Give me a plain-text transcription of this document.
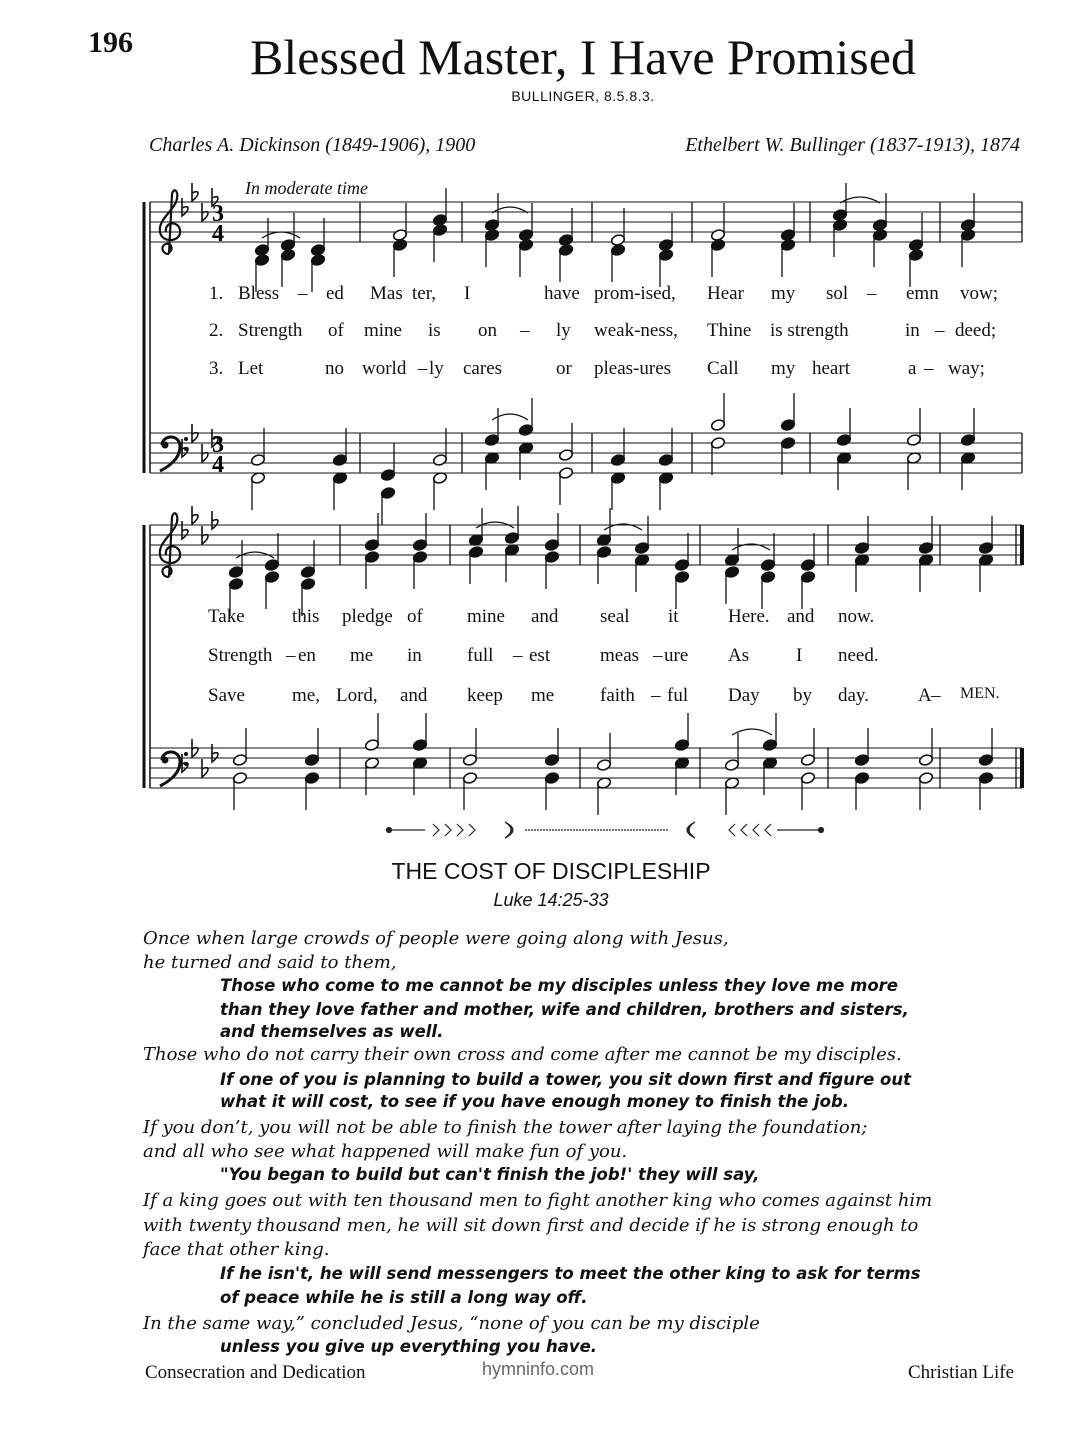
196	Blessed Master, I Have Promised
BULLINGER, 8.5.8.3.
Charles A. Dickinson (1849-1906), 1900	Ethelbert W. Bullinger (1837-1913), 1874
In moderate time
3
4
3
4
1. Bless – ed Mas ter, I	have prom-ised, Hear my sol – emn vow;
2. Strength of mine is on – ly weak-ness, Thine is strength	in – deed;
3. Let	no world – ly cares	or pleas-ures Call my heart	a – way;
Take this pledge of mine and seal it	Here. and now.
Strength – en me in full – est	meas – ure As I need.
Save me, Lord, and keep me faith – ful Day by day.	A – MEN.
THE COST OF DISCIPLESHIP
Luke 14:25-33
Once when large crowds of people were going along with Jesus,
he turned and said to them,
Those who come to me cannot be my disciples unless they love me more
than they love father and mother, wife and children, brothers and sisters,
and themselves as well.
Those who do not carry their own cross and come after me cannot be my disciples.
If one of you is planning to build a tower, you sit down first and figure out
what it will cost, to see if you have enough money to finish the job.
If you don’t, you will not be able to finish the tower after laying the foundation;
and all who see what happened will make fun of you.
"You began to build but can't finish the job!' they will say,
If a king goes out with ten thousand men to fight another king who comes against him
with twenty thousand men, he will sit down first and decide if he is strong enough to
face that other king.
If he isn't, he will send messengers to meet the other king to ask for terms
of peace while he is still a long way off.
In the same way,” concluded Jesus, “none of you can be my disciple
unless you give up everything you have.
Consecration and Dedication	hymninfo.com	Christian Life
